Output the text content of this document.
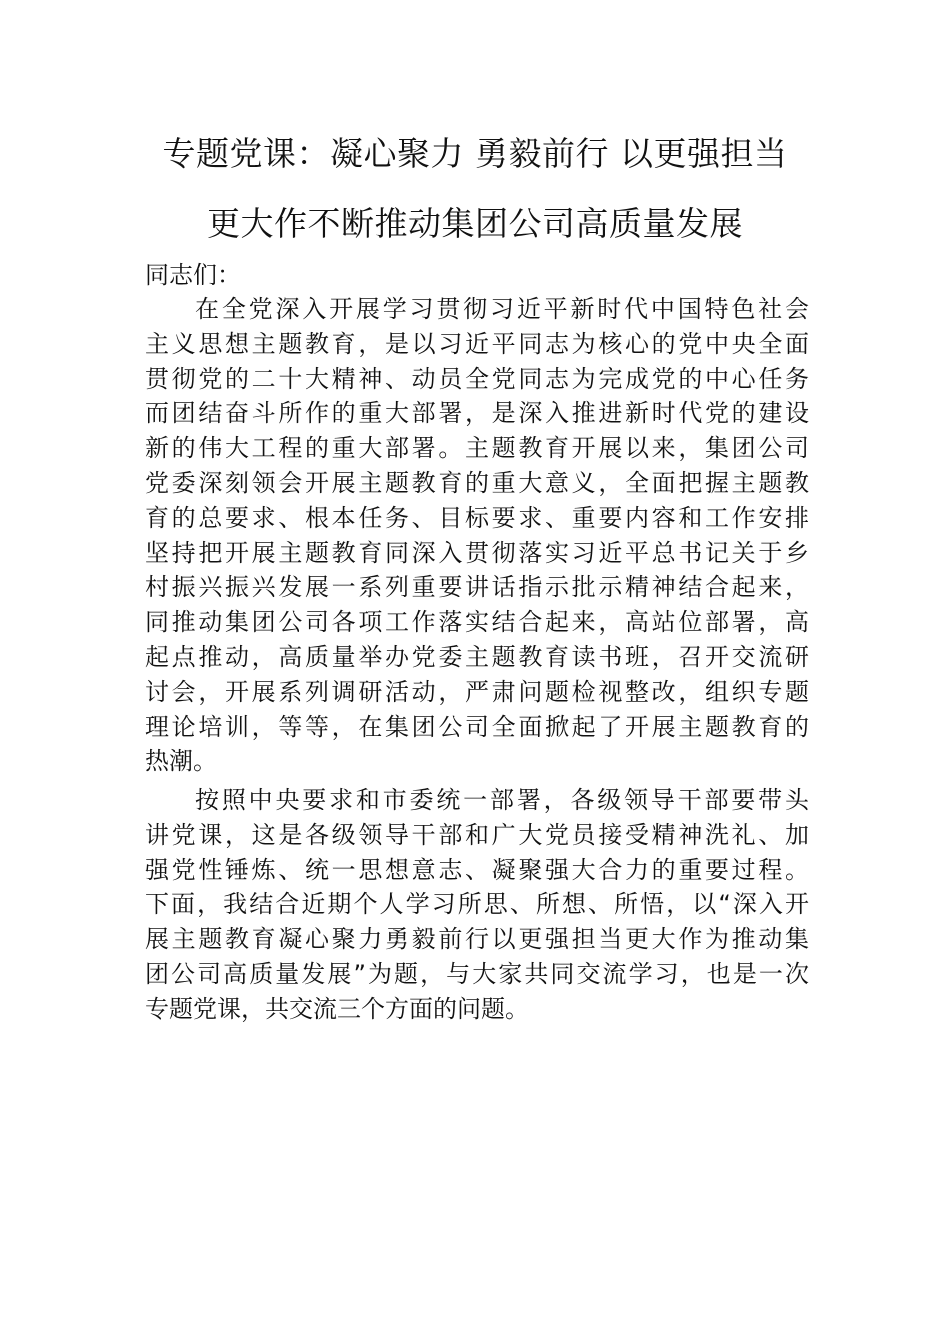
专题党课：凝心聚力 勇毅前行 以更强担当
更大作不断推动集团公司高质量发展
同志们：
在全党深入开展学习贯彻习近平新时代中国特色社会
主义思想主题教育，是以习近平同志为核心的党中央全面
贯彻党的二十大精神、动员全党同志为完成党的中心任务
而团结奋斗所作的重大部署，是深入推进新时代党的建设
新的伟大工程的重大部署。主题教育开展以来，集团公司
党委深刻领会开展主题教育的重大意义，全面把握主题教
育的总要求、根本任务、目标要求、重要内容和工作安排
坚持把开展主题教育同深入贯彻落实习近平总书记关于乡
村振兴振兴发展一系列重要讲话指示批示精神结合起来，
同推动集团公司各项工作落实结合起来，高站位部署，高
起点推动，高质量举办党委主题教育读书班，召开交流研
讨会，开展系列调研活动，严肃问题检视整改，组织专题
理论培训，等等，在集团公司全面掀起了开展主题教育的
热潮。
按照中央要求和市委统一部署，各级领导干部要带头
讲党课，这是各级领导干部和广大党员接受精神洗礼、加
强党性锤炼、统一思想意志、凝聚强大合力的重要过程。
下面，我结合近期个人学习所思、所想、所悟，以“深入开
展主题教育凝心聚力勇毅前行以更强担当更大作为推动集
团公司高质量发展”为题，与大家共同交流学习，也是一次
专题党课，共交流三个方面的问题。
